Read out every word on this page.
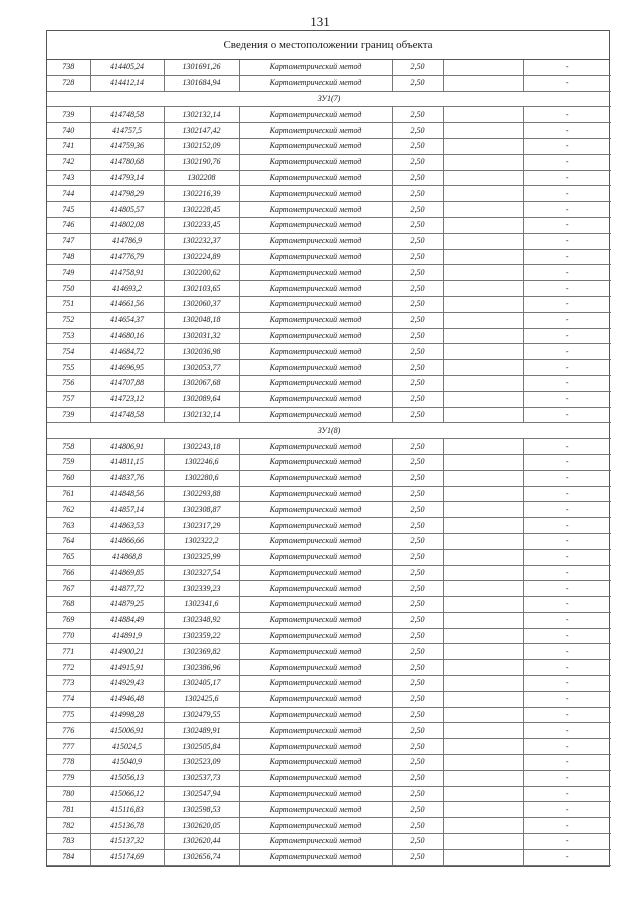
131
Сведения о местоположении границ объекта
738	414405,24	1301691,26	Картометрический метод	2,50		-
728	414412,14	1301684,94	Картометрический метод	2,50		-
ЗУ1(7)						
739	414748,58	1302132,14	Картометрический метод	2,50		-
740	414757,5	1302147,42	Картометрический метод	2,50		-
741	414759,36	1302152,09	Картометрический метод	2,50		-
742	414780,68	1302190,76	Картометрический метод	2,50		-
743	414793,14	1302208	Картометрический метод	2,50		-
744	414798,29	1302216,39	Картометрический метод	2,50		-
745	414805,57	1302228,45	Картометрический метод	2,50		-
746	414802,08	1302233,45	Картометрический метод	2,50		-
747	414786,9	1302232,37	Картометрический метод	2,50		-
748	414776,79	1302224,89	Картометрический метод	2,50		-
749	414758,91	1302200,62	Картометрический метод	2,50		-
750	414693,2	1302103,65	Картометрический метод	2,50		-
751	414661,56	1302060,37	Картометрический метод	2,50		-
752	414654,37	1302048,18	Картометрический метод	2,50		-
753	414680,16	1302031,32	Картометрический метод	2,50		-
754	414684,72	1302036,98	Картометрический метод	2,50		-
755	414696,95	1302053,77	Картометрический метод	2,50		-
756	414707,88	1302067,68	Картометрический метод	2,50		-
757	414723,12	1302089,64	Картометрический метод	2,50		-
739	414748,58	1302132,14	Картометрический метод	2,50		-
ЗУ1(8)						
758	414806,91	1302243,18	Картометрический метод	2,50		-
759	414811,15	1302246,6	Картометрический метод	2,50		-
760	414837,76	1302280,6	Картометрический метод	2,50		-
761	414848,56	1302293,88	Картометрический метод	2,50		-
762	414857,14	1302308,87	Картометрический метод	2,50		-
763	414863,53	1302317,29	Картометрический метод	2,50		-
764	414866,66	1302322,2	Картометрический метод	2,50		-
765	414868,8	1302325,99	Картометрический метод	2,50		-
766	414869,85	1302327,54	Картометрический метод	2,50		-
767	414877,72	1302339,23	Картометрический метод	2,50		-
768	414879,25	1302341,6	Картометрический метод	2,50		-
769	414884,49	1302348,92	Картометрический метод	2,50		-
770	414891,9	1302359,22	Картометрический метод	2,50		-
771	414900,21	1302369,82	Картометрический метод	2,50		-
772	414915,91	1302386,96	Картометрический метод	2,50		-
773	414929,43	1302405,17	Картометрический метод	2,50		-
774	414946,48	1302425,6	Картометрический метод	2,50		-
775	414998,28	1302479,55	Картометрический метод	2,50		-
776	415006,91	1302489,91	Картометрический метод	2,50		-
777	415024,5	1302505,84	Картометрический метод	2,50		-
778	415040,9	1302523,09	Картометрический метод	2,50		-
779	415056,13	1302537,73	Картометрический метод	2,50		-
780	415066,12	1302547,94	Картометрический метод	2,50		-
781	415116,83	1302598,53	Картометрический метод	2,50		-
782	415136,78	1302620,05	Картометрический метод	2,50		-
783	415137,32	1302620,44	Картометрический метод	2,50		-
784	415174,69	1302656,74	Картометрический метод	2,50		-
